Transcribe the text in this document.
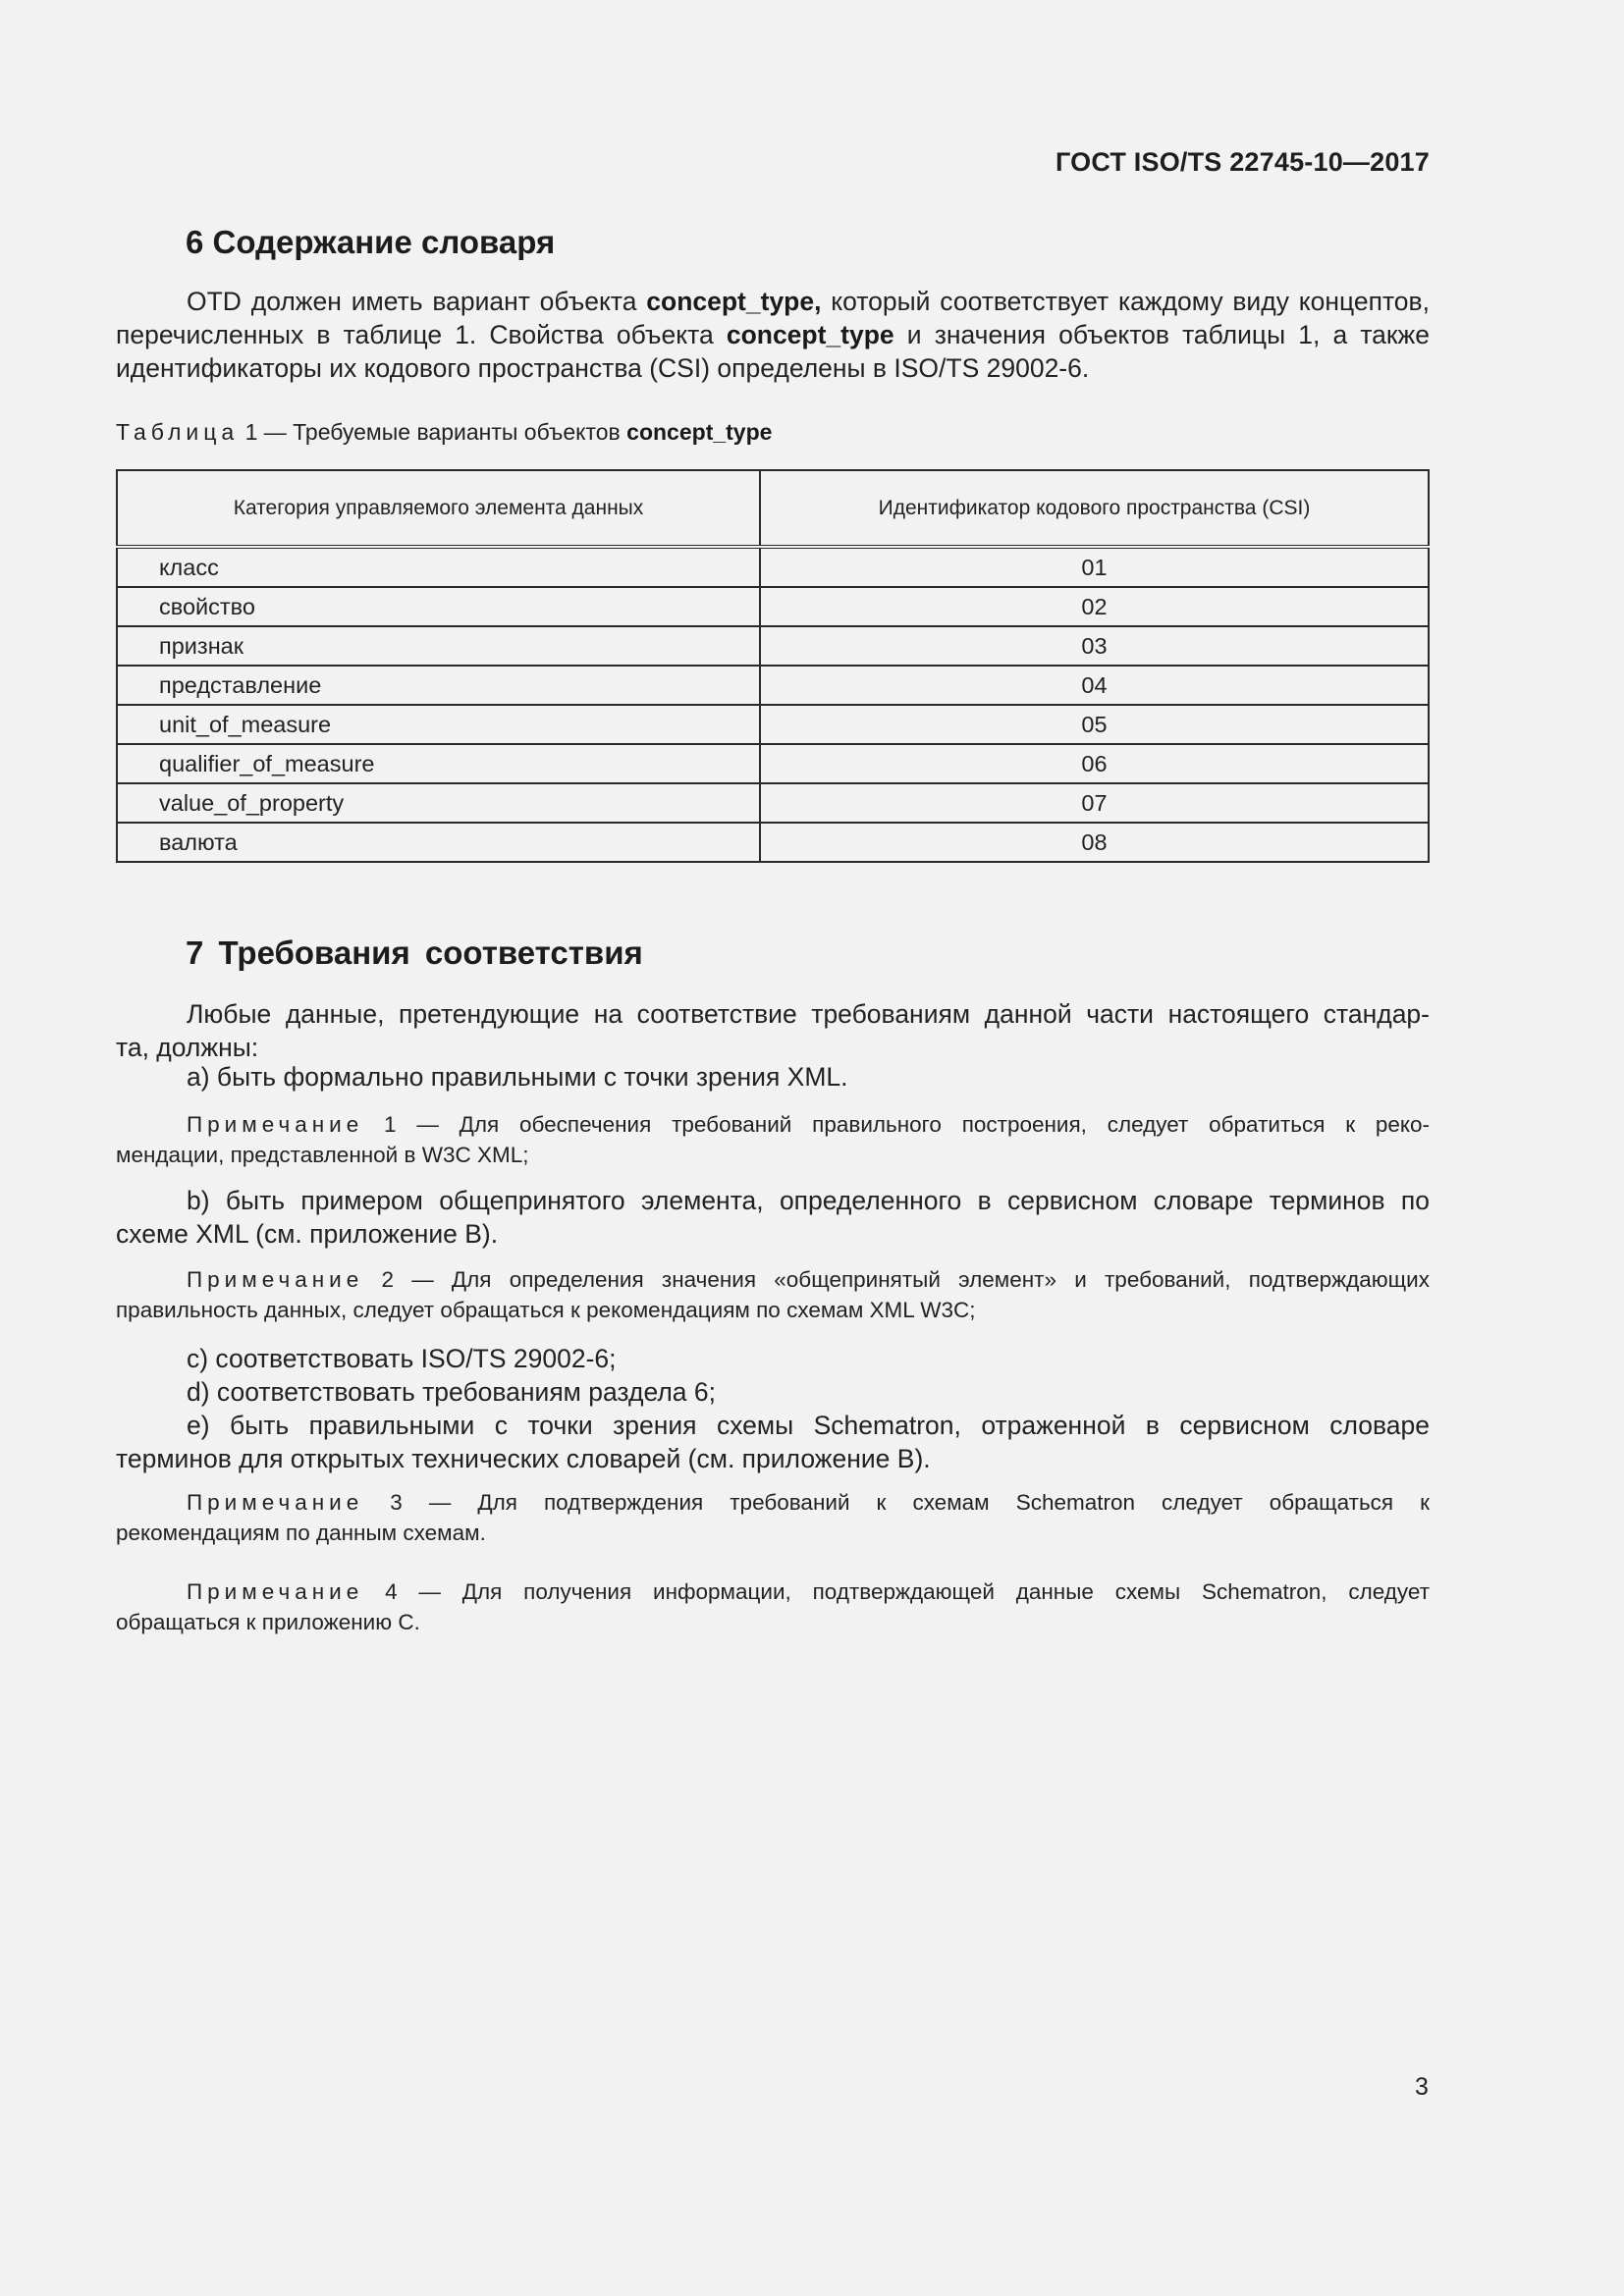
ГОСТ ISO/TS 22745-10—2017
6 Содержание словаря
OTD должен иметь вариант объекта concept_type, который соответствует каждому виду концептов,
перечисленных в таблице 1. Свойства объекта concept_type и значения объектов таблицы 1, а также
идентификаторы их кодового пространства (CSI) определены в ISO/TS 29002-6.
Таблица 1 — Требуемые варианты объектов concept_type
Категория управляемого элемента данных	Идентификатор кодового пространства (CSI)
класс	01
свойство	02
признак	03
представление	04
unit_of_measure	05
qualifier_of_measure	06
value_of_property	07
валюта	08
7 Требования соответствия
Любые данные, претендующие на соответствие требованиям данной части настоящего стандар-
та, должны:
а) быть формально правильными с точки зрения XML.
Примечание 1 — Для обеспечения требований правильного построения, следует обратиться к реко-
мендации, представленной в W3C XML;
b) быть примером общепринятого элемента, определенного в сервисном словаре терминов по
схеме XML (см. приложение В).
Примечание 2 — Для определения значения «общепринятый элемент» и требований, подтверждающих
правильность данных, следует обращаться к рекомендациям по схемам XML W3C;
с) соответствовать ISO/TS 29002-6;
d) соответствовать требованиям раздела 6;
e) быть правильными с точки зрения схемы Schematron, отраженной в сервисном словаре
терминов для открытых технических словарей (см. приложение В).
Примечание 3 — Для подтверждения требований к схемам Schematron следует обращаться к
рекомендациям по данным схемам.
Примечание 4 — Для получения информации, подтверждающей данные схемы Schematron, следует
обращаться к приложению С.
3
